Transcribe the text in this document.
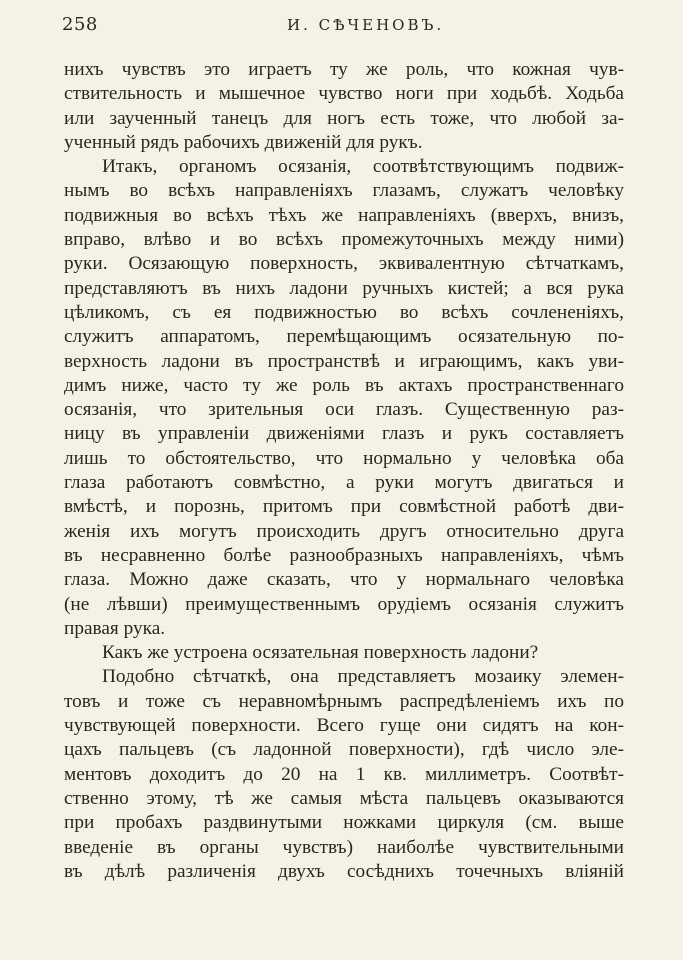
258	И. СѢЧЕНОВЪ.
нихъ чувствъ это играетъ ту же роль, что кожная чув-
ствительность и мышечное чувство ноги при ходьбѣ. Ходьба
или заученный танецъ для ногъ есть тоже, что любой за-
ученный рядъ рабочихъ движеній для рукъ.
Итакъ, органомъ осязанія, соотвѣтствующимъ подвиж-
нымъ во всѣхъ направленіяхъ глазамъ, служатъ человѣку
подвижныя во всѣхъ тѣхъ же направленіяхъ (вверхъ, внизъ,
вправо, влѣво и во всѣхъ промежуточныхъ между ними)
руки. Осязающую поверхность, эквивалентную сѣтчаткамъ,
представляютъ въ нихъ ладони ручныхъ кистей; а вся рука
цѣликомъ, съ ея подвижностью во всѣхъ сочлененіяхъ,
служитъ аппаратомъ, перемѣщающимъ осязательную по-
верхность ладони въ пространствѣ и играющимъ, какъ уви-
димъ ниже, часто ту же роль въ актахъ пространственнаго
осязанія, что зрительныя оси глазъ. Существенную раз-
ницу въ управленіи движеніями глазъ и рукъ составляетъ
лишь то обстоятельство, что нормально у человѣка оба
глаза работаютъ совмѣстно, а руки могутъ двигаться и
вмѣстѣ, и порознь, притомъ при совмѣстной работѣ дви-
женія ихъ могутъ происходить другъ относительно друга
въ несравненно болѣе разнообразныхъ направленіяхъ, чѣмъ
глаза. Можно даже сказать, что у нормальнаго человѣка
(не лѣвши) преимущественнымъ орудіемъ осязанія служитъ
правая рука.
Какъ же устроена осязательная поверхность ладони?
Подобно сѣтчаткѣ, она представляетъ мозаику элемен-
товъ и тоже съ неравномѣрнымъ распредѣленіемъ ихъ по
чувствующей поверхности. Всего гуще они сидятъ на кон-
цахъ пальцевъ (съ ладонной поверхности), гдѣ число эле-
ментовъ доходитъ до 20 на 1 кв. миллиметръ. Соотвѣт-
ственно этому, тѣ же самыя мѣста пальцевъ оказываются
при пробахъ раздвинутыми ножками циркуля (см. выше
введеніе въ органы чувствъ) наиболѣе чувствительными
въ дѣлѣ различенія двухъ сосѣднихъ точечныхъ вліяній
